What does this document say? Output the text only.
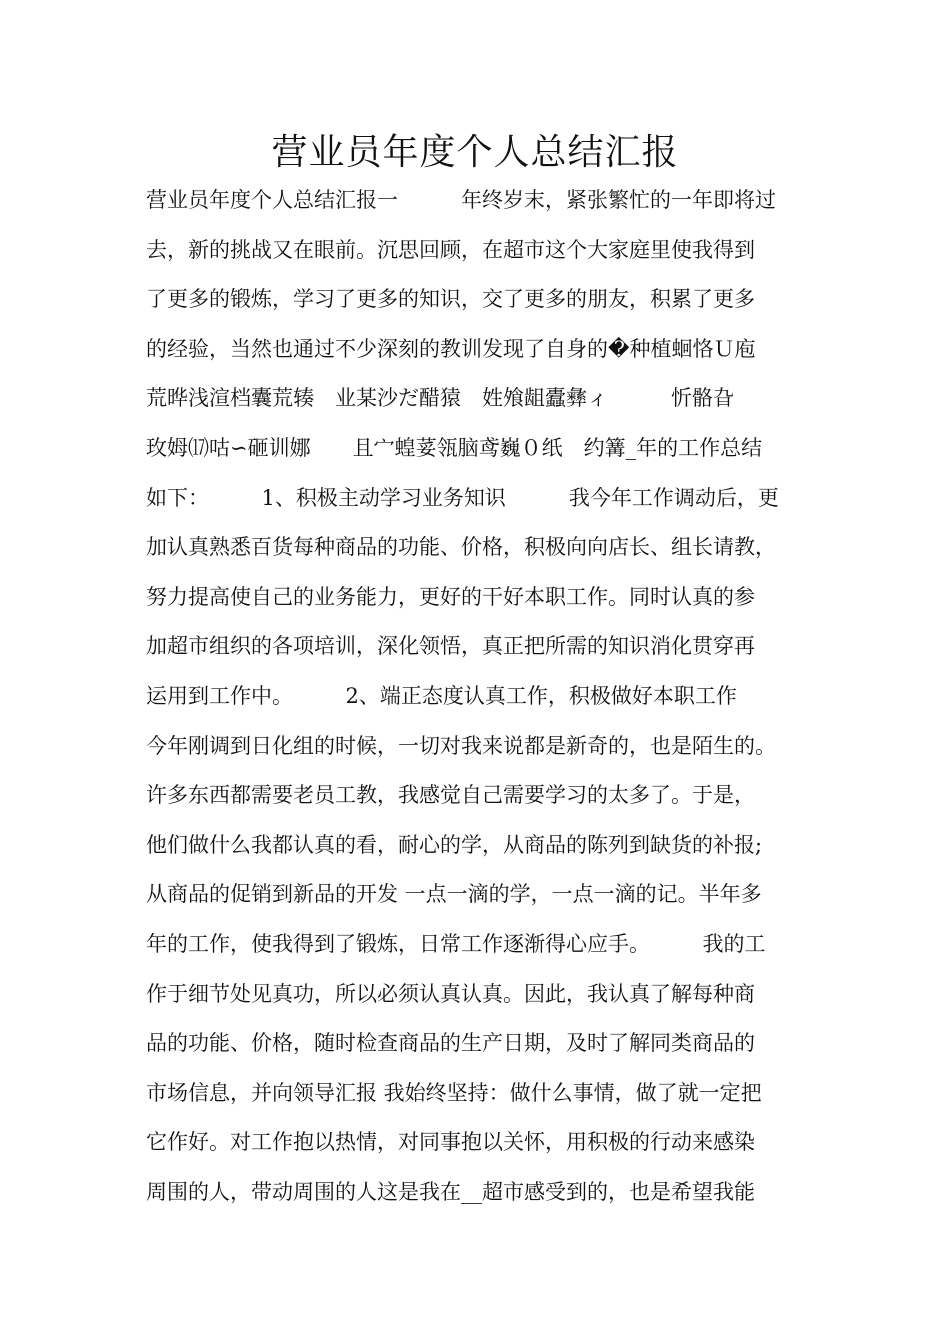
营业员年度个人总结汇报
营业员年度个人总结汇报一　　　年终岁末，紧张繁忙的一年即将过
去，新的挑战又在眼前。沉思回顾，在超市这个大家庭里使我得到
了更多的锻炼，学习了更多的知识，交了更多的朋友，积累了更多
的经验，当然也通过不少深刻的教训发现了自身的�种植蛔恪Ｕ庖
荒晔浅渲档囊荒辏　业某沙だ醋猿　姓飧龃蠹彝ィ　　　忻骼旮
玫姆⒄咕∽砸训娜　　且宀蝗荽瓴脑鸢巍０纸　约篝_年的工作总结
如下：　　　1、积极主动学习业务知识　　　我今年工作调动后，更
加认真熟悉百货每种商品的功能、价格，积极向向店长、组长请教，
努力提高使自己的业务能力，更好的干好本职工作。同时认真的参
加超市组织的各项培训，深化领悟，真正把所需的知识消化贯穿再
运用到工作中。　　　2、端正态度认真工作，积极做好本职工作
今年刚调到日化组的时候，一切对我来说都是新奇的，也是陌生的。
许多东西都需要老员工教，我感觉自己需要学习的太多了。于是，
他们做什么我都认真的看，耐心的学，从商品的陈列到缺货的补报;
从商品的促销到新品的开发 一点一滴的学，一点一滴的记。半年多
年的工作，使我得到了锻炼，日常工作逐渐得心应手。　　　我的工
作于细节处见真功，所以必须认真认真。因此，我认真了解每种商
品的功能、价格，随时检查商品的生产日期，及时了解同类商品的
市场信息，并向领导汇报 我始终坚持：做什么事情，做了就一定把
它作好。对工作抱以热情，对同事抱以关怀，用积极的行动来感染
周围的人，带动周围的人这是我在__超市感受到的，也是希望我能
